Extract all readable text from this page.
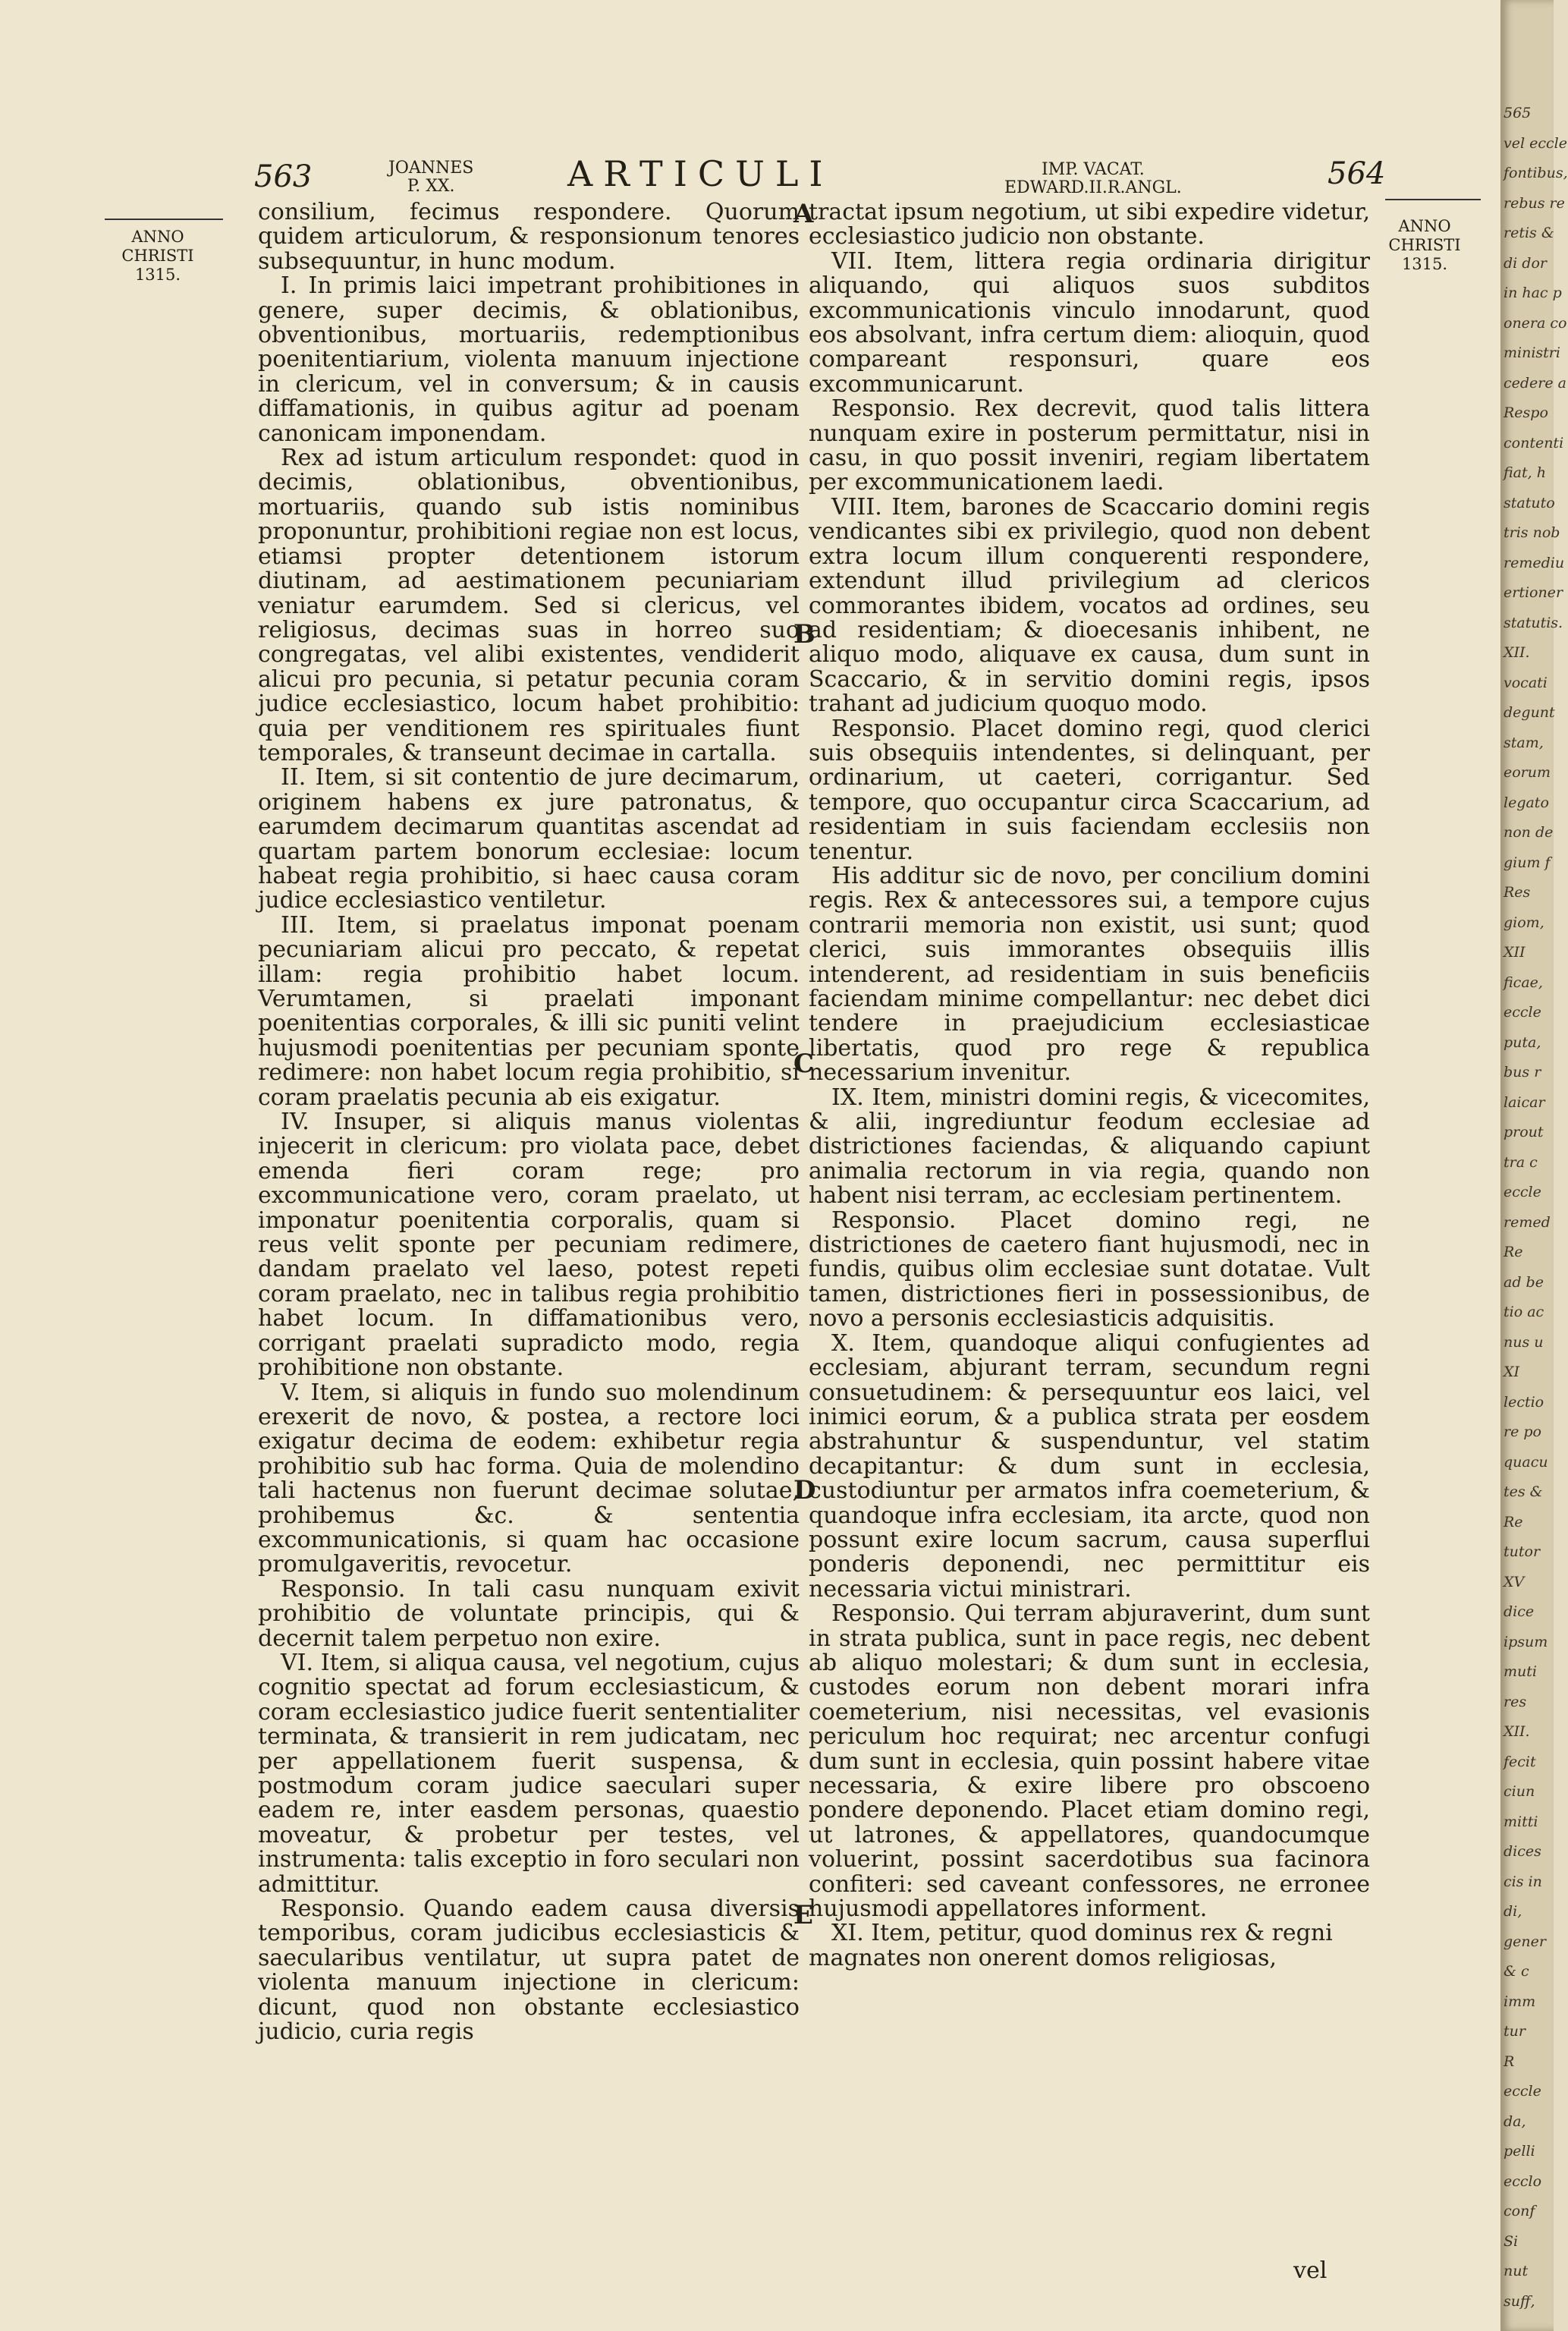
563	JOANNES
P. XX.	ARTICULI	IMP. VACAT.
EDWARD.II.R.ANGL.	564
ANNO
CHRISTI
1315.
ANNO
CHRISTI
1315.

consilium, fecimus respondere. Quorum quidem articulorum, & responsionum tenores subsequuntur, in hunc modum.

I. In primis laici impetrant prohibitiones in genere, super decimis, & oblationibus, obventionibus, mortuariis, redemptionibus poenitentiarium, violenta manuum injectione in clericum, vel in conversum; & in causis diffamationis, in quibus agitur ad poenam canonicam imponendam.

Rex ad istum articulum respondet: quod in decimis, oblationibus, obventionibus, mortuariis, quando sub istis nominibus proponuntur, prohibitioni regiae non est locus, etiamsi propter detentionem istorum diutinam, ad aestimationem pecuniariam veniatur earumdem. Sed si clericus, vel religiosus, decimas suas in horreo suo congregatas, vel alibi existentes, vendiderit alicui pro pecunia, si petatur pecunia coram judice ecclesiastico, locum habet prohibitio: quia per venditionem res spirituales fiunt temporales, & transeunt decimae in cartalla.

II. Item, si sit contentio de jure decimarum, originem habens ex jure patronatus, & earumdem decimarum quantitas ascendat ad quartam partem bonorum ecclesiae: locum habeat regia prohibitio, si haec causa coram judice ecclesiastico ventiletur.

III. Item, si praelatus imponat poenam pecuniariam alicui pro peccato, & repetat illam: regia prohibitio habet locum. Verumtamen, si praelati imponant poenitentias corporales, & illi sic puniti velint hujusmodi poenitentias per pecuniam sponte redimere: non habet locum regia prohibitio, si coram praelatis pecunia ab eis exigatur.

IV. Insuper, si aliquis manus violentas injecerit in clericum: pro violata pace, debet emenda fieri coram rege; pro excommunicatione vero, coram praelato, ut imponatur poenitentia corporalis, quam si reus velit sponte per pecuniam redimere, dandam praelato vel laeso, potest repeti coram praelato, nec in talibus regia prohibitio habet locum. In diffamationibus vero, corrigant praelati supradicto modo, regia prohibitione non obstante.

V. Item, si aliquis in fundo suo molendinum erexerit de novo, & postea, a rectore loci exigatur decima de eodem: exhibetur regia prohibitio sub hac forma. Quia de molendino tali hactenus non fuerunt decimae solutae, prohibemus &c. & sententia excommunicationis, si quam hac occasione promulgaveritis, revocetur.

Responsio. In tali casu nunquam exivit prohibitio de voluntate principis, qui & decernit talem perpetuo non exire.

VI. Item, si aliqua causa, vel negotium, cujus cognitio spectat ad forum ecclesiasticum, & coram ecclesiastico judice fuerit sententialiter terminata, & transierit in rem judicatam, nec per appellationem fuerit suspensa, & postmodum coram judice saeculari super eadem re, inter easdem personas, quaestio moveatur, & probetur per testes, vel instrumenta: talis exceptio in foro seculari non admittitur.

Responsio. Quando eadem causa diversis temporibus, coram judicibus ecclesiasticis & saecularibus ventilatur, ut supra patet de violenta manuum injectione in clericum: dicunt, quod non obstante ecclesiastico judicio, curia regis

tractat ipsum negotium, ut sibi expedire videtur, ecclesiastico judicio non obstante.

VII. Item, littera regia ordinaria dirigitur aliquando, qui aliquos suos subditos excommunicationis vinculo innodarunt, quod eos absolvant, infra certum diem: alioquin, quod compareant responsuri, quare eos excommunicarunt.

Responsio. Rex decrevit, quod talis littera nunquam exire in posterum permittatur, nisi in casu, in quo possit inveniri, regiam libertatem per excommunicationem laedi.

VIII. Item, barones de Scaccario domini regis vendicantes sibi ex privilegio, quod non debent extra locum illum conquerenti respondere, extendunt illud privilegium ad clericos commorantes ibidem, vocatos ad ordines, seu ad residentiam; & dioecesanis inhibent, ne aliquo modo, aliquave ex causa, dum sunt in Scaccario, & in servitio domini regis, ipsos trahant ad judicium quoquo modo.

Responsio. Placet domino regi, quod clerici suis obsequiis intendentes, si delinquant, per ordinarium, ut caeteri, corrigantur. Sed tempore, quo occupantur circa Scaccarium, ad residentiam in suis faciendam ecclesiis non tenentur.

His additur sic de novo, per concilium domini regis. Rex & antecessores sui, a tempore cujus contrarii memoria non existit, usi sunt; quod clerici, suis immorantes obsequiis illis intenderent, ad residentiam in suis beneficiis faciendam minime compellantur: nec debet dici tendere in praejudicium ecclesiasticae libertatis, quod pro rege & republica necessarium invenitur.

IX. Item, ministri domini regis, & vicecomites, & alii, ingrediuntur feodum ecclesiae ad districtiones faciendas, & aliquando capiunt animalia rectorum in via regia, quando non habent nisi terram, ac ecclesiam pertinentem.

Responsio. Placet domino regi, ne districtiones de caetero fiant hujusmodi, nec in fundis, quibus olim ecclesiae sunt dotatae. Vult tamen, districtiones fieri in possessionibus, de novo a personis ecclesiasticis adquisitis.

X. Item, quandoque aliqui confugientes ad ecclesiam, abjurant terram, secundum regni consuetudinem: & persequuntur eos laici, vel inimici eorum, & a publica strata per eosdem abstrahuntur & suspenduntur, vel statim decapitantur: & dum sunt in ecclesia, custodiuntur per armatos infra coemeterium, & quandoque infra ecclesiam, ita arcte, quod non possunt exire locum sacrum, causa superflui ponderis deponendi, nec permittitur eis necessaria victui ministrari.

Responsio. Qui terram abjuraverint, dum sunt in strata publica, sunt in pace regis, nec debent ab aliquo molestari; & dum sunt in ecclesia, custodes eorum non debent morari infra coemeterium, nisi necessitas, vel evasionis periculum hoc requirat; nec arcentur confugi dum sunt in ecclesia, quin possint habere vitae necessaria, & exire libere pro obscoeno pondere deponendo. Placet etiam domino regi, ut latrones, & appellatores, quandocumque voluerint, possint sacerdotibus sua facinora confiteri: sed caveant confessores, ne erronee hujusmodi appellatores informent.

XI. Item, petitur, quod dominus rex & regni magnates non onerent domos religiosas,

A
B
C
D
E
vel
565
vel eccle
fontibus,
rebus re
retis &
di dor
in hac p
onera co
ministri
cedere a
Respo
contenti
fiat, h
statuto
tris nob
remediu
ertioner
statutis.
XII.
vocati
degunt
stam,
eorum
legato
non de
gium f
Res
giom,
XII
ficae,
eccle
puta,
bus r
laicar
prout
tra c
eccle
remed
Re
ad be
tio ac
nus u
XI
lectio
re po
quacu
tes &
Re
tutor
XV
dice
ipsum
muti
res
XII.
fecit
ciun
mitti
dices
cis in
di,
gener
& c
imm
tur
R
eccle
da,
pelli
ecclo
conf
Si
nut
suff,
